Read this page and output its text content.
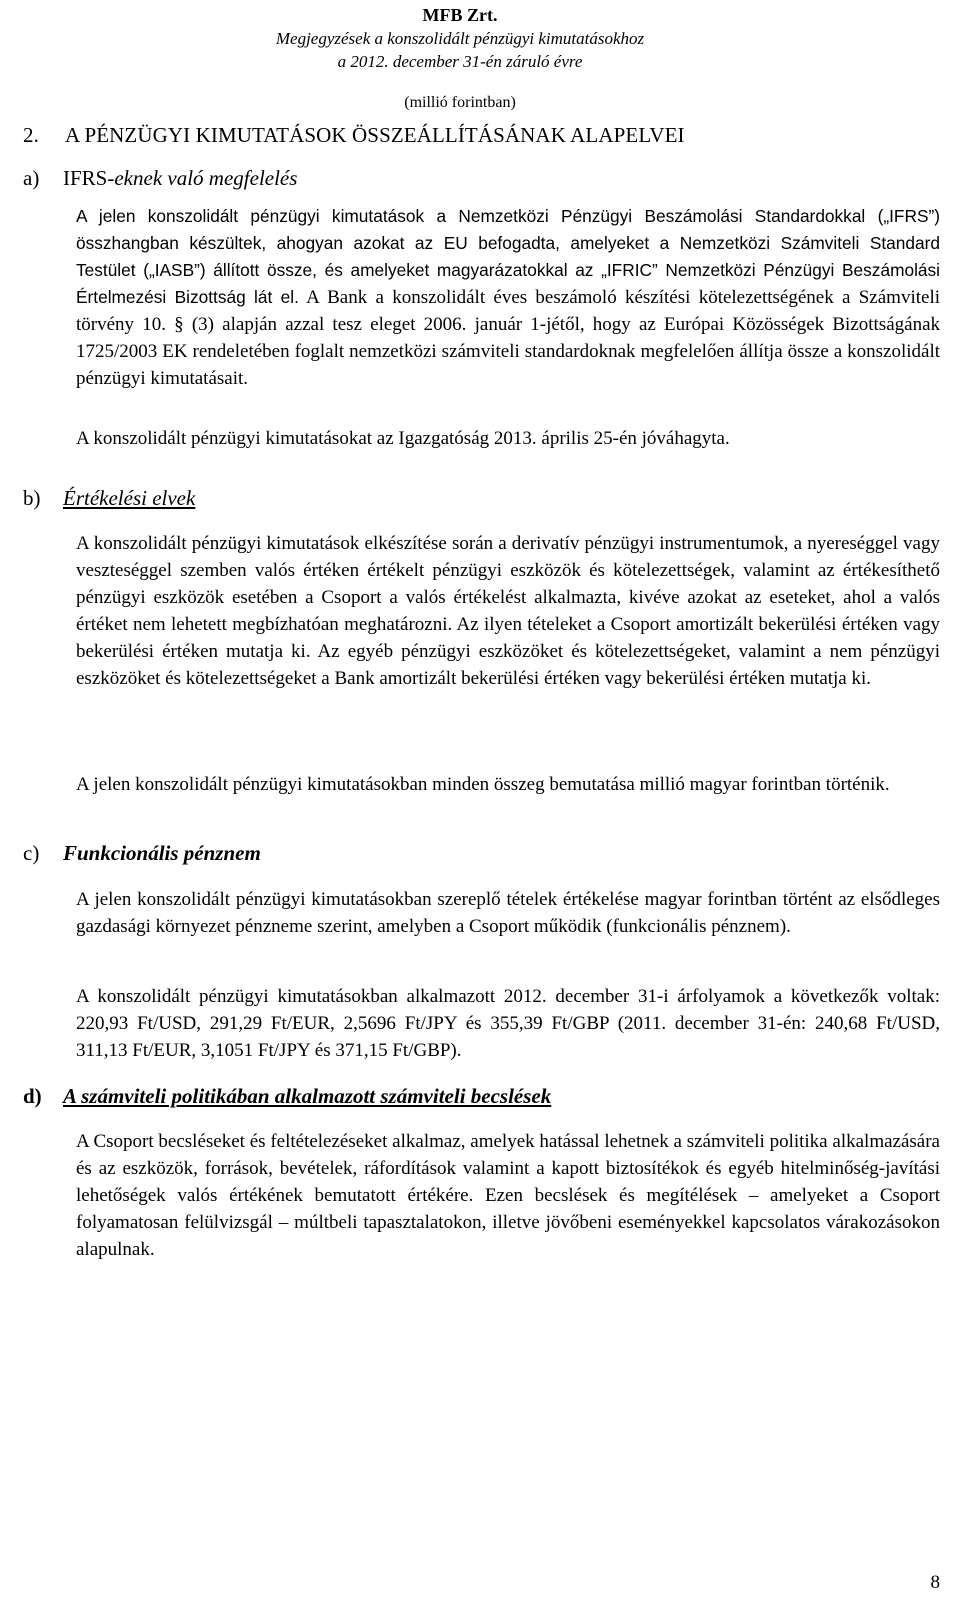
MFB Zrt.
Megjegyzések a konszolidált pénzügyi kimutatásokhoz
a 2012. december 31-én záruló évre
(millió forintban)
2. A PÉNZÜGYI KIMUTATÁSOK ÖSSZEÁLLÍTÁSÁNAK ALAPELVEI
a) IFRS-eknek való megfelelés
A jelen konszolidált pénzügyi kimutatások a Nemzetközi Pénzügyi Beszámolási Standardokkal („IFRS”) összhangban készültek, ahogyan azokat az EU befogadta, amelyeket a Nemzetközi Számviteli Standard Testület („IASB”) állított össze, és amelyeket magyarázatokkal az „IFRIC” Nemzetközi Pénzügyi Beszámolási Értelmezési Bizottság lát el. A Bank a konszolidált éves beszámoló készítési kötelezettségének a Számviteli törvény 10. § (3) alapján azzal tesz eleget 2006. január 1-jétől, hogy az Európai Közösségek Bizottságának 1725/2003 EK rendeletében foglalt nemzetközi számviteli standardoknak megfelelően állítja össze a konszolidált pénzügyi kimutatásait.
A konszolidált pénzügyi kimutatásokat az Igazgatóság 2013. április 25-én jóváhagyta.
b) Értékelési elvek
A konszolidált pénzügyi kimutatások elkészítése során a derivatív pénzügyi instrumentumok, a nyereséggel vagy veszteséggel szemben valós értéken értékelt pénzügyi eszközök és kötelezettségek, valamint az értékesíthető pénzügyi eszközök esetében a Csoport a valós értékelést alkalmazta, kivéve azokat az eseteket, ahol a valós értéket nem lehetett megbízhatóan meghatározni. Az ilyen tételeket a Csoport amortizált bekerülési értéken vagy bekerülési értéken mutatja ki. Az egyéb pénzügyi eszközöket és kötelezettségeket, valamint a nem pénzügyi eszközöket és kötelezettségeket a Bank amortizált bekerülési értéken vagy bekerülési értéken mutatja ki.
A jelen konszolidált pénzügyi kimutatásokban minden összeg bemutatása millió magyar forintban történik.
c) Funkcionális pénznem
A jelen konszolidált pénzügyi kimutatásokban szereplő tételek értékelése magyar forintban történt az elsődleges gazdasági környezet pénzneme szerint, amelyben a Csoport működik (funkcionális pénznem).
A konszolidált pénzügyi kimutatásokban alkalmazott 2012. december 31-i árfolyamok a következők voltak: 220,93 Ft/USD, 291,29 Ft/EUR, 2,5696 Ft/JPY és 355,39 Ft/GBP (2011. december 31-én: 240,68 Ft/USD, 311,13 Ft/EUR, 3,1051 Ft/JPY és 371,15 Ft/GBP).
d) A számviteli politikában alkalmazott számviteli becslések
A Csoport becsléseket és feltételezéseket alkalmaz, amelyek hatással lehetnek a számviteli politika alkalmazására és az eszközök, források, bevételek, ráfordítások valamint a kapott biztosítékok és egyéb hitelminőség-javítási lehetőségek valós értékének bemutatott értékére. Ezen becslések és megítélések – amelyeket a Csoport folyamatosan felülvizsgál – múltbeli tapasztalatokon, illetve jövőbeni eseményekkel kapcsolatos várakozásokon alapulnak.
8
